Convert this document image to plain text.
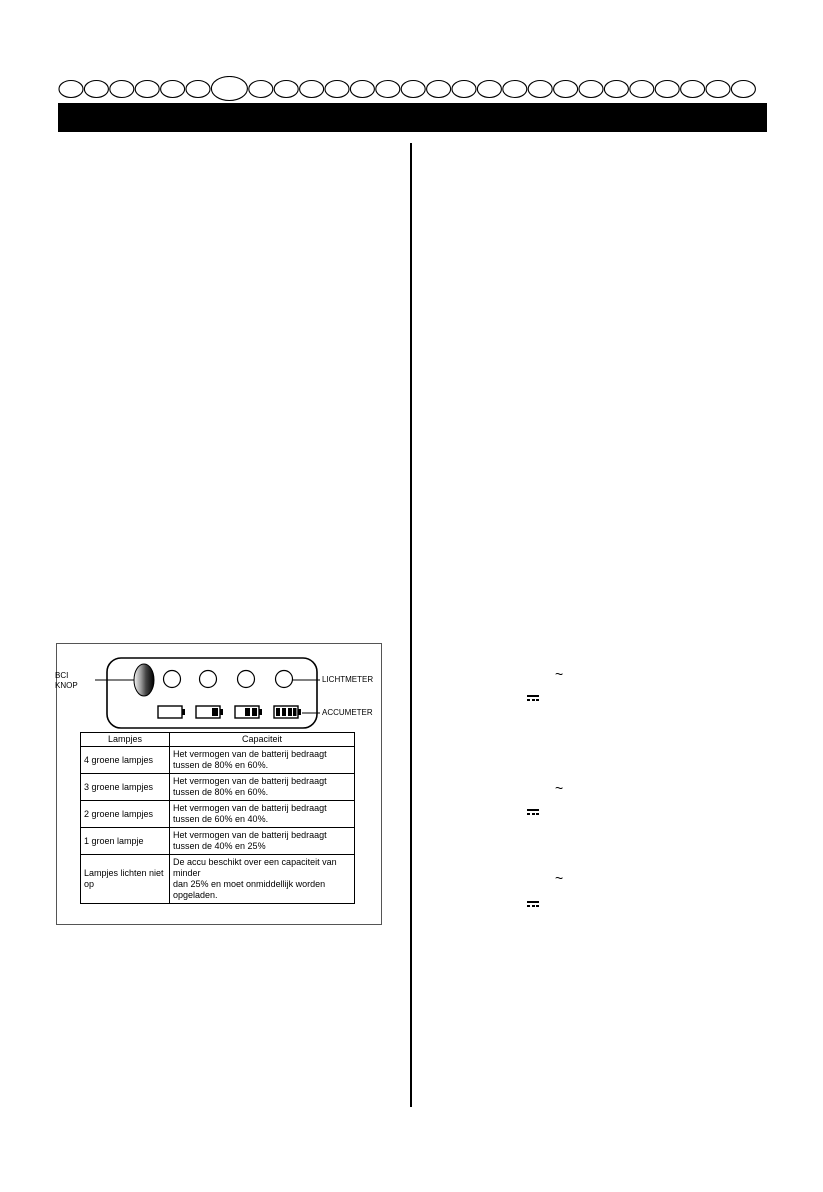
BCI
KNOP
LICHTMETER
ACCUMETER
Lampjes	Capaciteit
4 groene lampjes	Het vermogen van de batterij bedraagt tussen de 80% en 60%.
3 groene lampjes	Het vermogen van de batterij bedraagt tussen de 80% en 60%.
2 groene lampjes	Het vermogen van de batterij bedraagt tussen de 60% en 40%.
1 groen lampje	Het vermogen van de batterij bedraagt tussen de 40% en 25%
Lampjes lichten niet op	De accu beschikt over een capaciteit van minder
dan 25% en moet onmiddellijk worden opgeladen.
~
~
~
